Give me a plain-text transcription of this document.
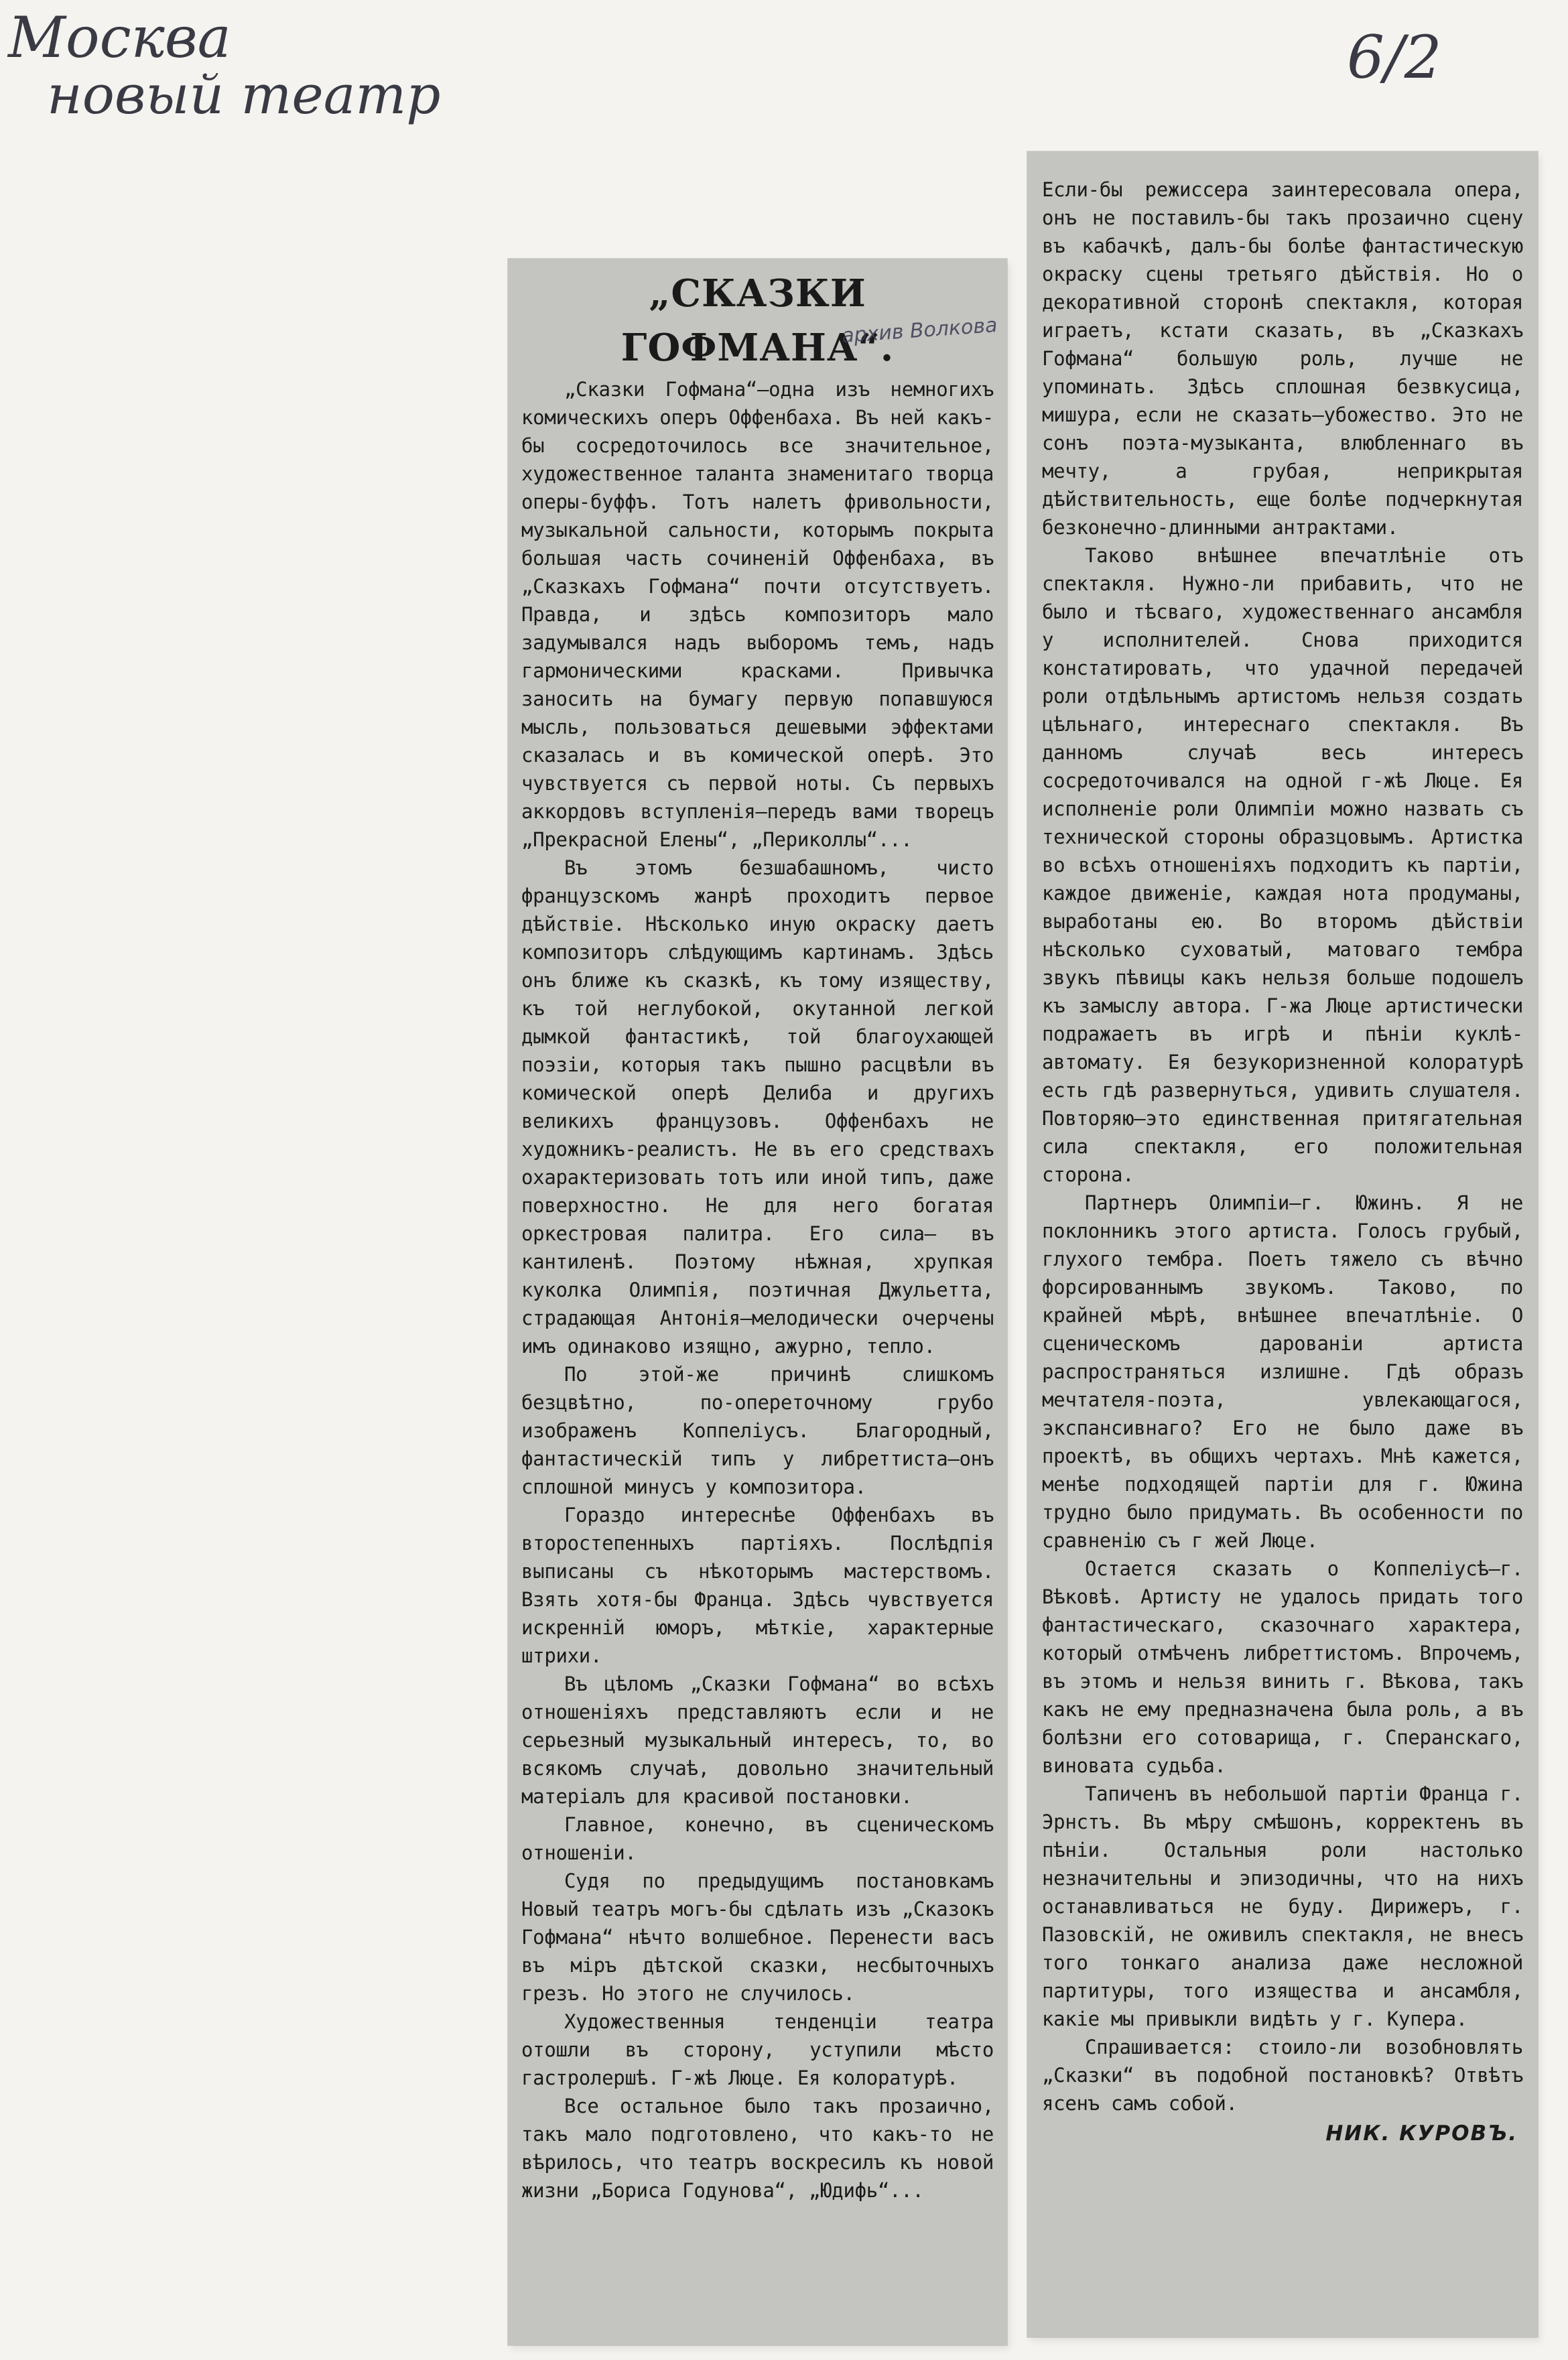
Москва
новый театр
6/2
„СКАЗКИ ГОФМАНА“.
архив Волкова

„Сказки Гофмана“—одна изъ немногихъ комическихъ оперъ Оффенбаха. Въ ней какъ-бы сосредоточилось все значительное, художественное талантa знаменитаго творца оперы-буффъ. Тотъ налетъ фривольности, музыкальной сальности, которымъ покрыта большая часть сочиненій Оффенбаха, въ „Сказкахъ Гофмана“ почти отсутствуетъ. Правда, и здѣсь композиторъ мало задумывался надъ выборомъ темъ, надъ гармоническими красками. Привычка заносить на бумагу первую попавшуюся мысль, пользоваться дешевыми эффектами сказалась и въ комической оперѣ. Это чувствуется съ первой ноты. Съ первыхъ аккордовъ вступленія—передъ вами творецъ „Прекрасной Елены“, „Периколлы“...

Въ этомъ безшабашномъ, чисто французскомъ жанрѣ проходитъ первое дѣйствіе. Нѣсколько иную окраску даетъ композиторъ слѣдующимъ картинамъ. Здѣсь онъ ближе къ сказкѣ, къ тому изяществу, къ той неглубокой, окутанной легкой дымкой фантастикѣ, той благоухающей поэзіи, которыя такъ пышно расцвѣли въ комической оперѣ Делиба и другихъ великихъ французовъ. Оффенбахъ не художникъ-реалистъ. Не въ его средствахъ охарактеризовать тотъ или иной типъ, даже поверхностно. Не для него богатая оркестровая палитра. Его сила— въ кантиленѣ. Поэтому нѣжная, хрупкая куколка Олимпія, поэтичная Джульетта, страдающая Антонія—мелодически очерчены имъ одинаково изящно, ажурно, тепло.

По этой-же причинѣ слишкомъ безцвѣтно, по-опереточному грубо изображенъ Коппеліусъ. Благородный, фантастическій типъ у либреттиста—онъ сплошной минусъ у композитора.

Гораздо интереснѣе Оффенбахъ въ второстепенныхъ партіяхъ. Послѣдпія выписаны съ нѣкоторымъ мастерствомъ. Взять хотя-бы Франца. Здѣсь чувствуется искренній юморъ, мѣткіе, характерные штрихи.

Въ цѣломъ „Сказки Гофмана“ во всѣхъ отношеніяхъ представляютъ если и не серьезный музыкальный интересъ, то, во всякомъ случаѣ, довольно значительный матеріалъ для красивой постановки.

Главное, конечно, въ сценическомъ отношеніи.

Судя по предыдущимъ постановкамъ Новый театръ могъ-бы сдѣлать изъ „Сказокъ Гофмана“ нѣчто волшебное. Перенести васъ въ міръ дѣтской сказки, несбыточныхъ грезъ. Но этого не случилось.

Художественныя тенденціи театра отошли въ сторону, уступили мѣсто гастролершѣ. Г-жѣ Люце. Ея колоратурѣ.

Все остальное было такъ прозаично, такъ мало подготовлено, что какъ-то не вѣрилось, что театръ воскресилъ къ новой жизни „Бориса Годунова“, „Юдифь“...

Если-бы режиссера заинтересовала опера, онъ не поставилъ-бы такъ прозаично сцену въ кабачкѣ, далъ-бы болѣе фантастическую окраску сцены третьяго дѣйствія. Но о декоративной сторонѣ спектакля, которая играетъ, кстати сказать, въ „Сказкахъ Гофмана“ большую роль, лучше не упоминать. Здѣсь сплошная безвкусица, мишура, если не сказать—убожество. Это не сонъ поэта-музыканта, влюбленнаго въ мечту, а грубая, неприкрытая дѣйствительность, еще болѣе подчеркнутая безконечно-длинными антрактами.

Таково внѣшнее впечатлѣніе отъ спектакля. Нужно-ли прибавить, что не было и тѣсваго, художественнаго ансамбля у исполнителей. Снова приходится констатировать, что удачной передачей роли отдѣльнымъ артистомъ нельзя создать цѣльнаго, интереснаго спектакля. Въ данномъ случаѣ весь интересъ сосредоточивался на одной г-жѣ Люце. Ея исполненіе роли Олимпіи можно назвать съ технической стороны образцовымъ. Артистка во всѣхъ отношеніяхъ подходитъ къ партіи, каждое движеніе, каждая нота продуманы, выработаны ею. Во второмъ дѣйствіи нѣсколько суховатый, матоваго тембра звукъ пѣвицы какъ нельзя больше подошелъ къ замыслу автора. Г-жа Люце артистически подражаетъ въ игрѣ и пѣніи куклѣ-автомату. Ея безукоризненной колоратурѣ есть гдѣ развернуться, удивить слушателя. Повторяю—это единственная притягательная сила спектакля, его положительная сторона.

Партнеръ Олимпіи—г. Южинъ. Я не поклонникъ этого артиста. Голосъ грубый, глухого тембра. Поетъ тяжело съ вѣчно форсированнымъ звукомъ. Таково, по крайней мѣрѣ, внѣшнее впечатлѣніе. О сценическомъ дарованіи артиста распространяться излишне. Гдѣ образъ мечтателя-поэта, увлекающагося, экспансивнаго? Его не было даже въ проектѣ, въ общихъ чертахъ. Мнѣ кажется, менѣе подходящей партіи для г. Южина трудно было придумать. Въ особенности по сравненію съ г жей Люце.

Остается сказать о Коппеліусѣ—г. Вѣковѣ. Артисту не удалось придать того фантастическаго, сказочнаго характера, который отмѣченъ либреттистомъ. Впрочемъ, въ этомъ и нельзя винить г. Вѣкова, такъ какъ не ему предназначена была роль, а въ болѣзни его сотоварища, г. Сперанскаго, виновата судьба.

Тапиченъ въ небольшой партіи Франца г. Эрнстъ. Въ мѣру смѣшонъ, корректенъ въ пѣніи. Остальныя роли настолько незначительны и эпизодичны, что на нихъ останавливаться не буду. Дирижеръ, г. Пазовскій, не оживилъ спектакля, не внесъ того тонкаго анализа даже несложной партитуры, того изящества и ансамбля, какіе мы привыкли видѣть у г. Купера.

Спрашивается: стоило-ли возобновлять „Сказки“ въ подобной постановкѣ? Отвѣтъ ясенъ самъ собой.

НИК. КУРОВЪ.
